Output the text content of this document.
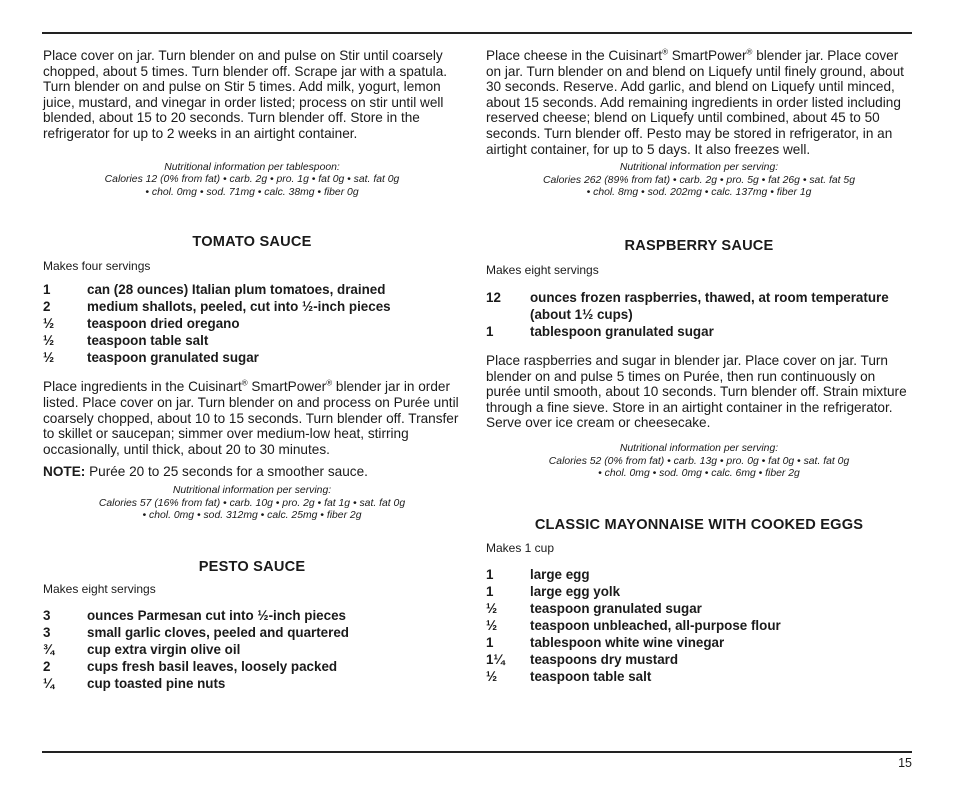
Place cover on jar. Turn blender on and pulse on Stir until coarsely chopped, about 5 times. Turn blender off. Scrape jar with a spatula. Turn blender on and pulse on Stir 5 times. Add milk, yogurt, lemon juice, mustard, and vinegar in order listed; process on stir until well blended, about 15 to 20 seconds. Turn blender off. Store in the refrigerator for up to 2 weeks in an airtight container.

Nutritional information per tablespoon:

Calories 12 (0% from fat) • carb. 2g • pro. 1g • fat 0g • sat. fat 0g

• chol. 0mg • sod. 71mg • calc. 38mg • fiber 0g

TOMATO SAUCE

Makes four servings

1	can (28 ounces) Italian plum tomatoes, drained
2	medium shallots, peeled, cut into ½-inch pieces
½	teaspoon dried oregano
½	teaspoon table salt
½	teaspoon granulated sugar

Place ingredients in the Cuisinart® SmartPower® blender jar in order listed. Place cover on jar. Turn blender on and process on Purée until coarsely chopped, about 10 to 15 seconds. Turn blender off. Transfer to skillet or saucepan; simmer over medium-low heat, stirring occasionally, until thick, about 20 to 30 minutes.

NOTE: Purée 20 to 25 seconds for a smoother sauce.

Nutritional information per serving:

Calories 57 (16% from fat) • carb. 10g • pro. 2g • fat 1g • sat. fat 0g

• chol. 0mg • sod. 312mg • calc. 25mg • fiber 2g

PESTO SAUCE

Makes eight servings

3	ounces Parmesan cut into ½-inch pieces
3	small garlic cloves, peeled and quartered
¾	cup extra virgin olive oil
2	cups fresh basil leaves, loosely packed
¼	cup toasted pine nuts

Place cheese in the Cuisinart® SmartPower® blender jar. Place cover on jar. Turn blender on and blend on Liquefy until finely ground, about 30 seconds. Reserve. Add garlic, and blend on Liquefy until minced, about 15 seconds. Add remaining ingredients in order listed including reserved cheese; blend on Liquefy until combined, about 45 to 50 seconds. Turn blender off. Pesto may be stored in refrigerator, in an airtight container, for up to 5 days. It also freezes well.

Nutritional information per serving:

Calories 262 (89% from fat) • carb. 2g • pro. 5g • fat 26g • sat. fat 5g

• chol. 8mg • sod. 202mg • calc. 137mg • fiber 1g

RASPBERRY SAUCE

Makes eight servings

12	ounces frozen raspberries, thawed, at room temperature (about 1½ cups)
1	tablespoon granulated sugar

Place raspberries and sugar in blender jar. Place cover on jar. Turn blender on and pulse 5 times on Purée, then run continuously on purée until smooth, about 10 seconds. Turn blender off. Strain mixture through a fine sieve. Store in an airtight container in the refrigerator. Serve over ice cream or cheesecake.

Nutritional information per serving:

Calories 52 (0% from fat) • carb. 13g • pro. 0g • fat 0g • sat. fat 0g

• chol. 0mg • sod. 0mg • calc. 6mg • fiber 2g

CLASSIC MAYONNAISE WITH COOKED EGGS

Makes 1 cup

1	large egg
1	large egg yolk
½	teaspoon granulated sugar
½	teaspoon unbleached, all-purpose flour
1	tablespoon white wine vinegar
1¼	teaspoons dry mustard
½	teaspoon table salt
15
